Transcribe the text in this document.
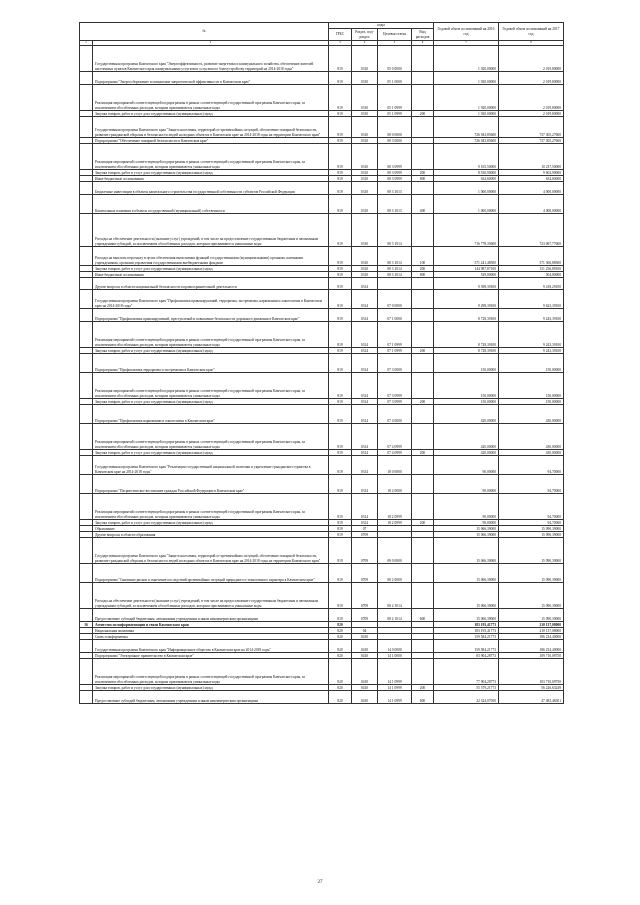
№		коды				Годовой объем ассигнований на 2016 год	Годовой объем ассигнований на 2017 год
		ГРБС	Раздел, под-раздел	Целевая статья	Вид расходов		
1	2	3	4	5	6	7	8
	Государственная программа Камчатского края "Энергоэффективность, развитие энергетики и коммунального хозяйства, обеспечение жителей населенных пунктов Камчатского края коммунальными услугами и услугами по благоустройству территорий на 2014-2018 годы"	819	0310	05 0 0000		1 920,00000	2 019,80000
	Подпрограмма "Энергосбережение и повышение энергетической эффективности в Камчатском крае"	819	0310	05 1 0000		1 920,00000	2 019,80000
	Реализация мероприятий соответствующей подпрограммы в рамках соответствующей государственной программы Камчатского края, за исключением обособленных расходов, которым присваиваются уникальные коды	819	0310	05 1 0999		1 920,00000	2 019,80000
	Закупка товаров, работ и услуг для государственных (муниципальных) нужд	819	0310	05 1 0999	200	1 920,00000	2 019,80000
	Государственная программа Камчатского края "Защита населения, территорий от чрезвычайных ситуаций, обеспечение пожарной безопасности, развитие гражданской обороны и безопасности людей на водных объектах в Камчатском крае на 2014-2018 годы на территории Камчатского края"	819	0310	08 0 0000		726 943,85600	737 305,27600
	Подпрограмма "Обеспечение пожарной безопасности в Камчатском крае"	819	0310	08 3 0000		726 943,85600	737 305,27600
	Реализация мероприятий соответствующей подпрограммы в рамках соответствующей государственной программы Камчатского края, за исключением обособленных расходов, которым присваиваются уникальные коды	819	0310	08 3 0999		9 165,50000	10 237,50000
	Закупка товаров, работ и услуг для государственных (муниципальных) нужд	819	0310	08 3 0999	200	8 530,90000	9 602,90000
	Иные бюджетные ассигнования	819	0310	08 3 0999	800	634,60000	634,60000
	Бюджетные инвестиции в объекты капитального строительства государственной собственности субъектов Российской Федерации	819	0310	08 3 1013		1 000,00000	4 000,00000
	Капитальные вложения в объекты государственной (муниципальной) собственности	819	0310	08 3 1013	400	1 000,00000	4 000,00000
	Расходы на обеспечение деятельности (оказание услуг) учреждений, в том числе на предоставление государственным бюджетным и автономным учреждениям субсидий, за исключением обособленных расходов, которым присваиваются уникальные коды	819	0310	08 3 1014		716 778,35600	723 067,77600
	Расходы на выплаты персоналу в целях обеспечения выполнения функций государственными (муниципальными) органами, казенными учреждениями, органами управления государственными внебюджетными фондами	819	0310	08 3 1014	100	571 241,48500	571 306,88500
	Закупка товаров, работ и услуг для государственных (муниципальных) нужд	819	0310	08 3 1014	200	144 987,87100	151 256,89100
	Иные бюджетные ассигнования	819	0310	08 3 1014	800	529,00000	504,00000
	Другие вопросы в области национальной безопасности и правоохранительной деятельности	819	0314			9 398,39100	9 418,29100
	Государственная программа Камчатского края "Профилактика правонарушений, терроризма, экстремизма, наркомании и алкоголизма в Камчатском крае на 2014-2018 годы"	819	0314	07 0 0000		9 298,39100	9 623,39100
	Подпрограмма "Профилактика правонарушений, преступлений и повышение безопасности дорожного движения в Камчатском крае"	819	0314	07 1 0000		8 728,39100	9 243,39100
	Реализация мероприятий соответствующей подпрограммы в рамках соответствующей государственной программы Камчатского края, за исключением обособленных расходов, которым присваиваются уникальные коды	819	0314	07 1 0999		8 728,39100	9 243,39100
	Закупка товаров, работ и услуг для государственных (муниципальных) нужд	819	0314	07 1 0999	200	8 728,39100	9 243,39100
	Подпрограмма "Профилактика терроризма и экстремизма в Камчатском крае"	819	0314	07 3 0000		150,00000	150,00000
	Реализация мероприятий соответствующей подпрограммы в рамках соответствующей государственной программы Камчатского края, за исключением обособленных расходов, которым присваиваются уникальные коды	819	0314	07 3 0999		150,00000	150,00000
	Закупка товаров, работ и услуг для государственных (муниципальных) нужд	819	0314	07 3 0999	200	150,00000	150,00000
	Подпрограмма "Профилактика наркомании и алкоголизма в Камчатском крае"	819	0314	07 4 0000		420,00000	430,00000
	Реализация мероприятий соответствующей подпрограммы в рамках соответствующей государственной программы Камчатского края, за исключением обособленных расходов, которым присваиваются уникальные коды	819	0314	07 4 0999		420,00000	430,00000
	Закупка товаров, работ и услуг для государственных (муниципальных) нужд	819	0314	07 4 0999	200	420,00000	430,00000
	Государственная программа Камчатского края "Реализация государственной национальной политики и укрепление гражданского единства в Камчатском крае на 2014-2018 годы"	819	0314	18 0 0000		90,00000	94,70000
	Подпрограмма "Патриотическое воспитание граждан Российской Федерации в Камчатском крае"	819	0314	18 2 0000		90,00000	94,70000
	Реализация мероприятий соответствующей подпрограммы в рамках соответствующей государственной программы Камчатского края, за исключением обособленных расходов, которым присваиваются уникальные коды	819	0314	18 2 0999		90,00000	94,70000
	Закупка товаров, работ и услуг для государственных (муниципальных) нужд	819	0314	18 2 0999	200	90,00000	94,70000
	Образование	819	07			15 066,39000	15 090,39000
	Другие вопросы в области образования	819	0709			15 066,39000	15 090,39000
	Государственная программа Камчатского края "Защита населения, территорий от чрезвычайных ситуаций, обеспечение пожарной безопасности, развитие гражданской обороны и безопасности людей на водных объектах в Камчатском крае на 2014-2018 годы на территории Камчатского края"	819	0709	08 0 0000		15 066,39000	15 090,39000
	Подпрограмма "Снижение рисков и смягчение последствий чрезвычайных ситуаций природного и техногенного характера в Камчатском крае"	819	0709	08 2 0000		15 066,39000	15 090,39000
	Расходы на обеспечение деятельности (оказание услуг) учреждений, в том числе на предоставление государственным бюджетным и автономным учреждениям субсидий, за исключением обособленных расходов, которым присваиваются уникальные коды	819	0709	08 2 1014		15 066,39000	15 090,39000
	Предоставление субсидий бюджетным, автономным учреждениям и иным некоммерческим организациям	819	0709	08 2 1014	600	15 066,39000	15 090,39000
16	Агентство по информатизации и связи Камчатского края	820				183 195,41773	210 137,08000
	Национальная экономика	820	04			183 195,41773	210 137,08000
	Связь и информатика	820	0410			159 584,21773	186 234,40000
	Государственная программа Камчатского края "Информационное общество в Камчатском крае на 2014-2018 годы"	820	0410	14 0 0000		159 584,21773	186 234,40000
	Подпрограмма "Электронное правительство в Камчатском крае"	820	0410	14 1 0000		83 904,28773	109 710,09750
	Реализация мероприятий соответствующей подпрограммы в рамках соответствующей государственной программы Камчатского края, за исключением обособленных расходов, которым присваиваются уникальные коды	820	0410	14 1 0999		77 904,28773	103 710,09750
	Закупка товаров, работ и услуг для государственных (муниципальных) нужд	820	0410	14 1 0999	200	55 579,21773	56 226,63249
	Предоставление субсидий бюджетным, автономным учреждениям и иным некоммерческим организациям	820	0410	14 1 0999	600	22 324,07050	47 483,46501
27
